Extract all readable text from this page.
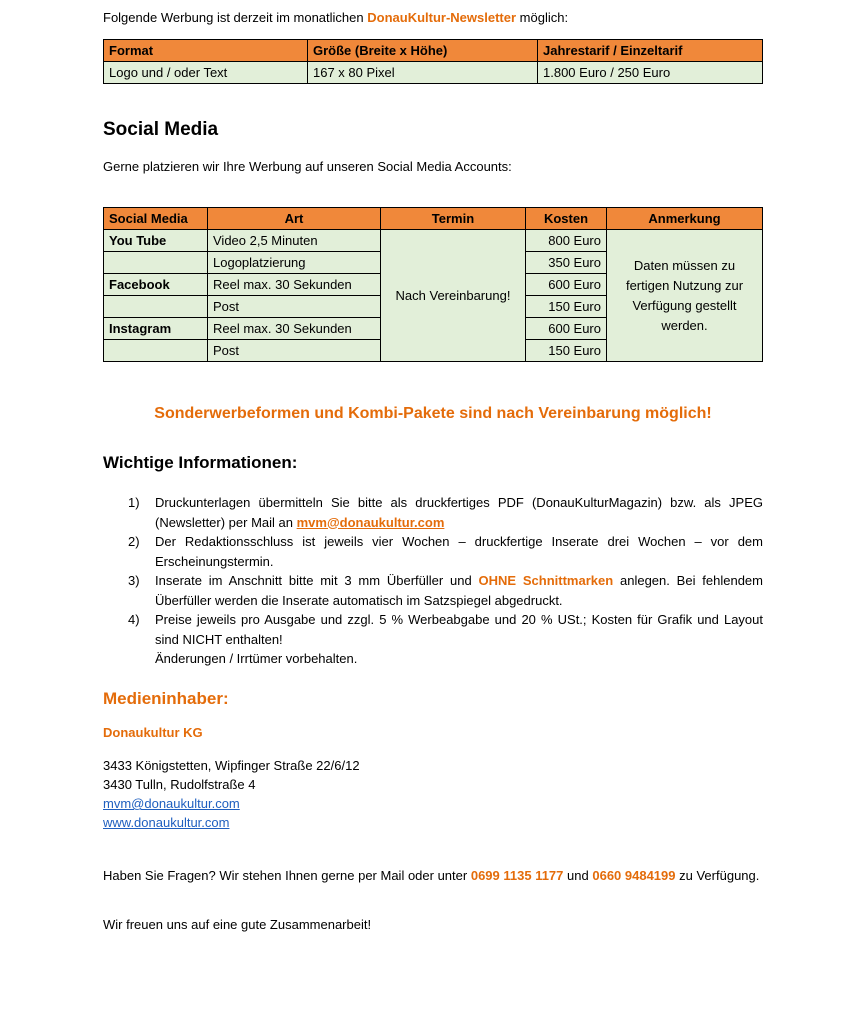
Folgende Werbung ist derzeit im monatlichen DonauKultur-Newsletter möglich:
Format	Größe (Breite x Höhe)	Jahrestarif / Einzeltarif
Logo und / oder Text	167 x 80 Pixel	1.800 Euro / 250 Euro
Social Media
Gerne platzieren wir Ihre Werbung auf unseren Social Media Accounts:
Social Media	Art	Termin	Kosten	Anmerkung
You Tube	Video 2,5 Minuten	Nach Vereinbarung!	800 Euro	Daten müssen zu fertigen Nutzung zur Verfügung gestellt werden.
	Logoplatzierung		350 Euro	
Facebook	Reel max. 30 Sekunden		600 Euro	
	Post		150 Euro	
Instagram	Reel max. 30 Sekunden		600 Euro	
	Post		150 Euro	
Sonderwerbeformen und Kombi-Pakete sind nach Vereinbarung möglich!
Wichtige Informationen:
1) Druckunterlagen übermitteln Sie bitte als druckfertiges PDF (DonauKulturMagazin) bzw. als JPEG (Newsletter) per Mail an mvm@donaukultur.com
2) Der Redaktionsschluss ist jeweils vier Wochen – druckfertige Inserate drei Wochen – vor dem Erscheinungstermin.
3) Inserate im Anschnitt bitte mit 3 mm Überfüller und OHNE Schnittmarken anlegen. Bei fehlendem Überfüller werden die Inserate automatisch im Satzspiegel abgedruckt.
4) Preise jeweils pro Ausgabe und zzgl. 5 % Werbeabgabe und 20 % USt.; Kosten für Grafik und Layout sind NICHT enthalten!
Änderungen / Irrtümer vorbehalten.
Medieninhaber:
Donaukultur KG
3433 Königstetten, Wipfinger Straße 22/6/12
3430 Tulln, Rudolfstraße 4
mvm@donaukultur.com
www.donaukultur.com
Haben Sie Fragen? Wir stehen Ihnen gerne per Mail oder unter 0699 1135 1177 und 0660 9484199 zu Verfügung.
Wir freuen uns auf eine gute Zusammenarbeit!
